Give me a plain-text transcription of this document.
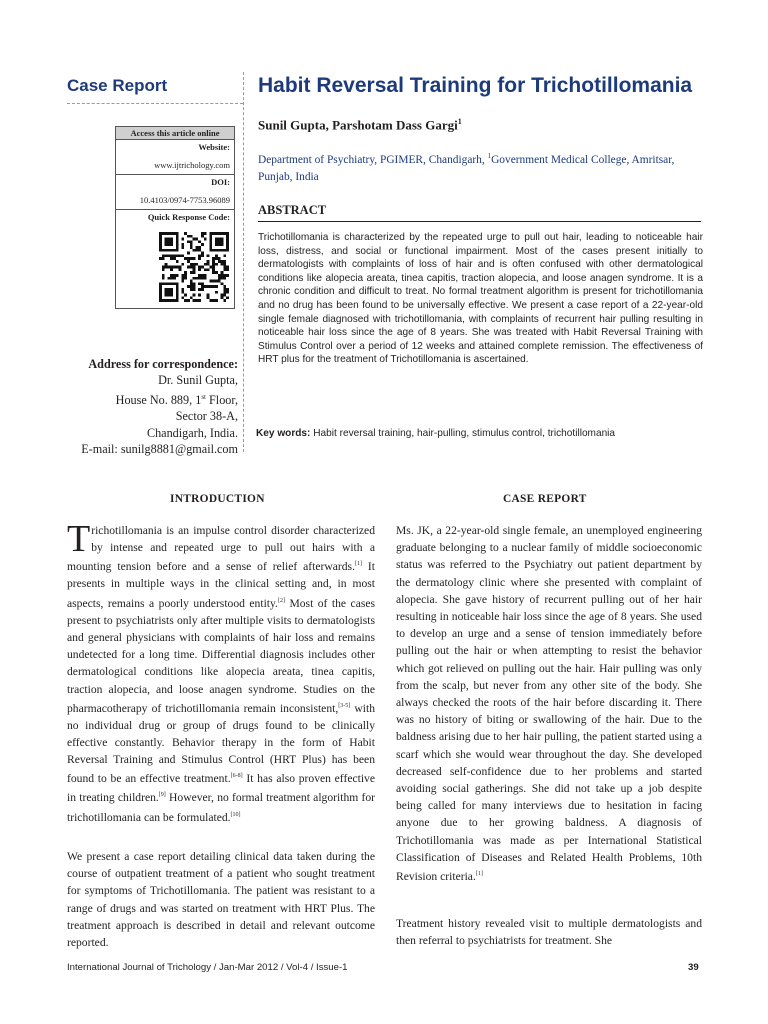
Case Report	Habit Reversal Training for Trichotillomania
Sunil Gupta, Parshotam Dass Gargi$^1$
Department of Psychiatry, PGIMER, Chandigarh, $^1$Government Medical College, Amritsar, Punjab, India
Access this article online
Website:
www.ijtrichology.com
DOI:
10.4103/0974-7753.96089
Quick Response Code:
Address for correspondence:
Dr. Sunil Gupta,
House No. 889, 1st Floor,
Sector 38-A,
Chandigarh, India.
E-mail: sunilg8881@gmail.com
ABSTRACT
Trichotillomania is characterized by the repeated urge to pull out hair, leading to noticeable hair loss, distress, and social or functional impairment. Most of the cases present initially to dermatologists with complaints of loss of hair and is often confused with other dermatological conditions like alopecia areata, tinea capitis, traction alopecia, and loose anagen syndrome. It is a chronic condition and difficult to treat. No formal treatment algorithm is present for trichotillomania and no drug has been found to be universally effective. We present a case report of a 22-year-old single female diagnosed with trichotillomania, with complaints of recurrent hair pulling resulting in noticeable hair loss since the age of 8 years. She was treated with Habit Reversal Training with Stimulus Control over a period of 12 weeks and attained complete remission. The effectiveness of HRT plus for the treatment of Trichotillomania is ascertained.
Key words: Habit reversal training, hair-pulling, stimulus control, trichotillomania
INTRODUCTION	CASE REPORT
Trichotillomania is an impulse control disorder characterized by intense and repeated urge to pull out hairs with a mounting tension before and a sense of relief afterwards.[1] It presents in multiple ways in the clinical setting and, in most aspects, remains a poorly understood entity.[2] Most of the cases present to psychiatrists only after multiple visits to dermatologists and general physicians with complaints of hair loss and remains undetected for a long time. Differential diagnosis includes other dermatological conditions like alopecia areata, tinea capitis, traction alopecia, and loose anagen syndrome. Studies on the pharmacotherapy of trichotillomania remain inconsistent,[3-5] with no individual drug or group of drugs found to be clinically effective constantly. Behavior therapy in the form of Habit Reversal Training and Stimulus Control (HRT Plus) has been found to be an effective treatment.[6-8] It has also proven effective in treating children.[9] However, no formal treatment algorithm for trichotillomania can be formulated.[10]
We present a case report detailing clinical data taken during the course of outpatient treatment of a patient who sought treatment for symptoms of Trichotillomania. The patient was resistant to a range of drugs and was started on treatment with HRT Plus. The treatment approach is described in detail and relevant outcome reported.
Ms. JK, a 22-year-old single female, an unemployed engineering graduate belonging to a nuclear family of middle socioeconomic status was referred to the Psychiatry out patient department by the dermatology clinic where she presented with complaint of alopecia. She gave history of recurrent pulling out of her hair resulting in noticeable hair loss since the age of 8 years. She used to develop an urge and a sense of tension immediately before pulling out the hair or when attempting to resist the behavior which got relieved on pulling out the hair. Hair pulling was only from the scalp, but never from any other site of the body. She always checked the roots of the hair before discarding it. There was no history of biting or swallowing of the hair. Due to the baldness arising due to her hair pulling, the patient started using a scarf which she would wear throughout the day. She developed decreased self-confidence due to her problems and started avoiding social gatherings. She did not take up a job despite being called for many interviews due to hesitation in facing anyone due to her growing baldness. A diagnosis of Trichotillomania was made as per International Statistical Classification of Diseases and Related Health Problems, 10th Revision criteria.[1]
Treatment history revealed visit to multiple dermatologists and then referral to psychiatrists for treatment. She
International Journal of Trichology / Jan-Mar 2012 / Vol-4 / Issue-1	39
